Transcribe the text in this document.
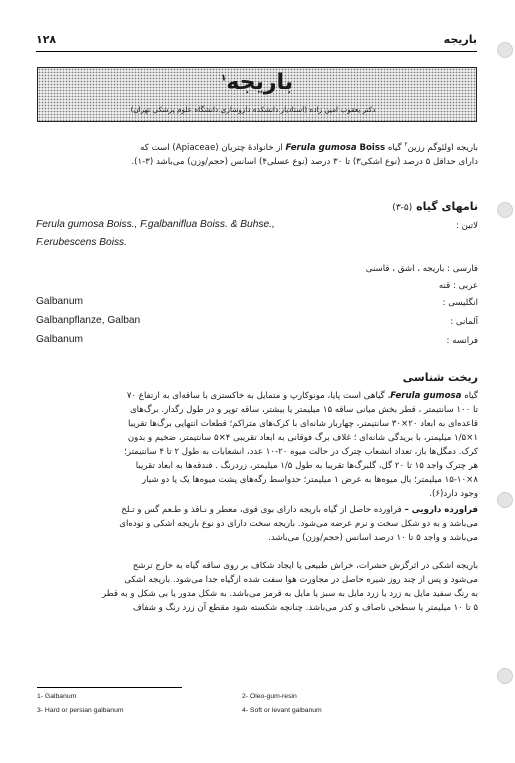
۱۲۸	باریجه
باریجه$^۱$
دکتر یعقوب امین زاده (استادیار دانشکده داروسازی دانشگاه علوم پزشکی تهران)

باریجه اولئوگم رزین$^۲$ گیاه Ferula gumosa Boiss از خانوادهٔ چتریان (Apiaceae) است که
دارای حداقل ۵ درصد (نوع اشکی۳) تا ۳۰ درصد (نوع عسلی۴) اسانس (حجم/وزن) می‌باشد (۳-۱).

نامهای گیاه (۵-۳)
لاتین :
Ferula gumosa Boiss., F.galbaniflua Boiss. & Buhse.,
F.erubescens Boiss.
فارسی : باریجه ، اشق ، قاسنی
عربی : قنه
انگلیسی :
Galbanum
آلمانی :
Galbanpflanze, Galban
فرانسه :
Galbanum
ریخت شناسی

گیاه Ferula gumosa، گیاهی است پایا، مونوکارپ و متمایل به خاکستری با ساقه‌ای به ارتفاع ۷۰
تا ۱۰۰ سانتیمتر ، قطر بخش میانی ساقه ۱۵ میلیمتر یا بیشتر، ساقه توپر و در طول رگدار. برگ‌های
قاعده‌ای به ابعاد ۲۰×۳۰ سانتیمتر، چهاربار شانه‌ای با کرک‌های متراکم؛ قطعات انتهایی برگ‌ها تقریبا
۱×۱/۵ میلیمتر، با بریدگی شانه‌ای ؛ غلاف برگ فوقانی به ابعاد تقریبی ۴×۵ سانتیمتر، ضخیم و بدون
کرک. دمگل‌ها باز، تعداد انشعاب چترک در حالت میوه ۲۰-۱۰ عدد، انشعابات به طول ۲ تا ۴ سانتیمتر؛
هر چترک واجد ۱۵ تا ۲۰ گل، گلبرگ‌ها تقریبا به طول ۱/۵ میلیمتر، زردرنگ . فندقه‌ها به ابعاد تقریبا
۸×۱۵-۱۰ میلیمتر؛ بال میوه‌ها به عرض ۱ میلیمتر؛ حدواسط رگه‌های پشت میوه‌ها یک یا دو شیار
وجود دارد(۶).

فراورده دارویی – فراورده حاصل از گیاه باریجه دارای بوی قوی، معطر و نـافذ و طـعم گس و تـلخ
می‌باشد و به دو شکل سخت و نرم عرضه می‌شود. باریجه سخت دارای دو نوع باریجه اشکی و توده‌ای
می‌باشد و واجد ۵ تا ۱۰ درصد اسانس (حجم/وزن) می‌باشد.

باریجه اشکی در اثرگزش حشرات، خراش طبیعی یا ایجاد شکاف بر روی ساقه گیاه به خارج ترشح
می‌شود و پس از چند روز شیره حاصل در مجاورت هوا سفت شده ازگیاه جدا می‌شود. باریجه اشکی
به رنگ سفید مایل به زرد یا زرد مایل به سبز یا مایل به قرمز می‌باشد. به شکل مدور یا بی شکل و به قطر
۵ تا ۱۰ میلیمتر یا سطحی ناصاف و کدر می‌باشد. چنانچه شکسته شود مقطع آن زرد رنگ و شفاف

1- Galbanum	2- Oleo-gum-resin
3- Hard or persian galbanum	4- Soft or levant galbanum
